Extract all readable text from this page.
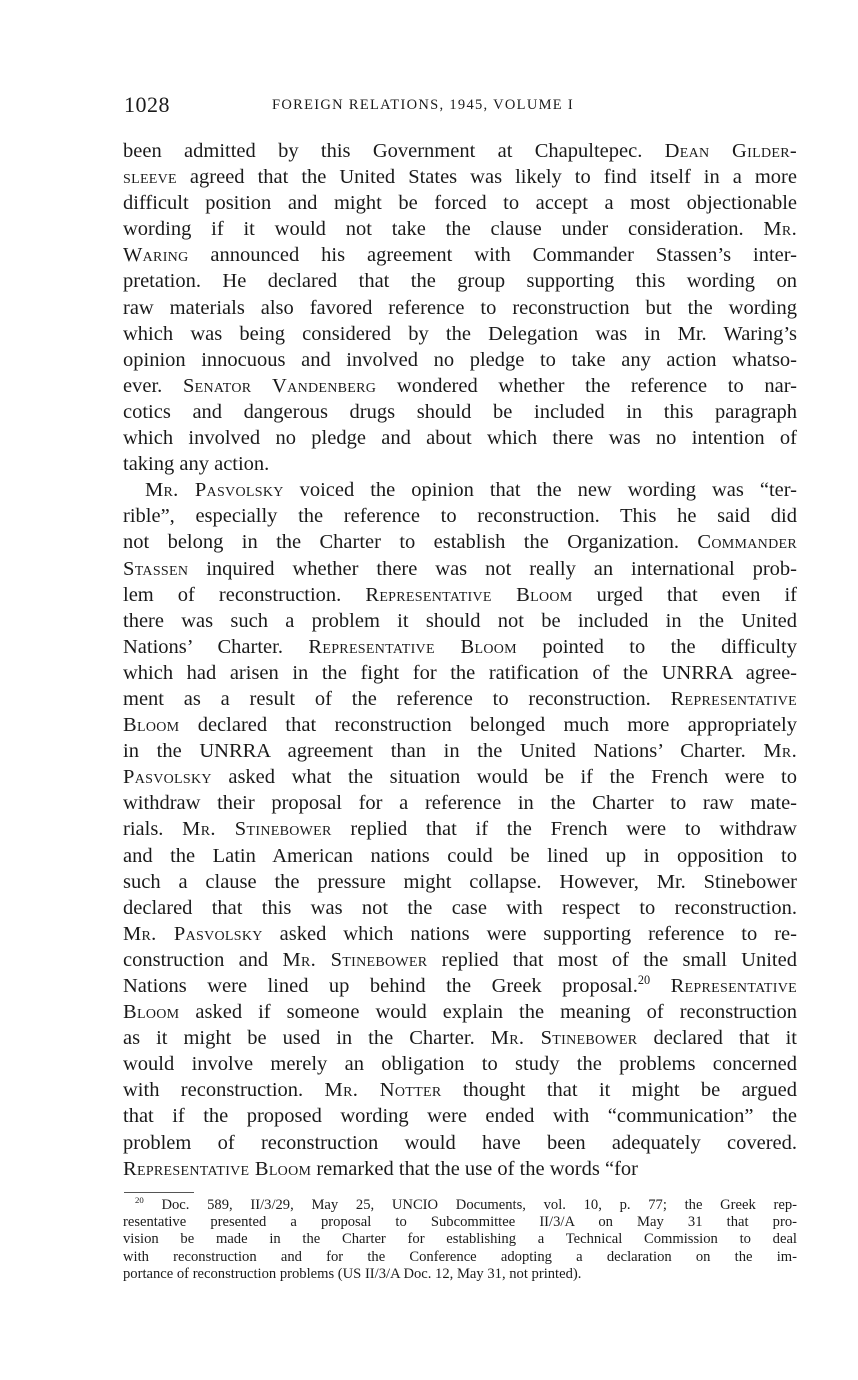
1028	FOREIGN RELATIONS, 1945, VOLUME I
been admitted by this Government at Chapultepec. Dean Gilder-
sleeve agreed that the United States was likely to find itself in a more
difficult position and might be forced to accept a most objectionable
wording if it would not take the clause under consideration. Mr.
Waring announced his agreement with Commander Stassen’s inter-
pretation. He declared that the group supporting this wording on
raw materials also favored reference to reconstruction but the wording
which was being considered by the Delegation was in Mr. Waring’s
opinion innocuous and involved no pledge to take any action whatso-
ever. Senator Vandenberg wondered whether the reference to nar-
cotics and dangerous drugs should be included in this paragraph
which involved no pledge and about which there was no intention of
taking any action.
Mr. Pasvolsky voiced the opinion that the new wording was “ter-
rible”, especially the reference to reconstruction. This he said did
not belong in the Charter to establish the Organization. Commander
Stassen inquired whether there was not really an international prob-
lem of reconstruction. Representative Bloom urged that even if
there was such a problem it should not be included in the United
Nations’ Charter. Representative Bloom pointed to the difficulty
which had arisen in the fight for the ratification of the UNRRA agree-
ment as a result of the reference to reconstruction. Representative
Bloom declared that reconstruction belonged much more appropriately
in the UNRRA agreement than in the United Nations’ Charter. Mr.
Pasvolsky asked what the situation would be if the French were to
withdraw their proposal for a reference in the Charter to raw mate-
rials. Mr. Stinebower replied that if the French were to withdraw
and the Latin American nations could be lined up in opposition to
such a clause the pressure might collapse. However, Mr. Stinebower
declared that this was not the case with respect to reconstruction.
Mr. Pasvolsky asked which nations were supporting reference to re-
construction and Mr. Stinebower replied that most of the small United
Nations were lined up behind the Greek proposal.$^{20}$ Representative
Bloom asked if someone would explain the meaning of reconstruction
as it might be used in the Charter. Mr. Stinebower declared that it
would involve merely an obligation to study the problems concerned
with reconstruction. Mr. Notter thought that it might be argued
that if the proposed wording were ended with “communication” the
problem of reconstruction would have been adequately covered.
Representative Bloom remarked that the use of the words “for
$^{20}$ Doc. 589, II/3/29, May 25, UNCIO Documents, vol. 10, p. 77; the Greek rep-
resentative presented a proposal to Subcommittee II/3/A on May 31 that pro-
vision be made in the Charter for establishing a Technical Commission to deal
with reconstruction and for the Conference adopting a declaration on the im-
portance of reconstruction problems (US II/3/A Doc. 12, May 31, not printed).
